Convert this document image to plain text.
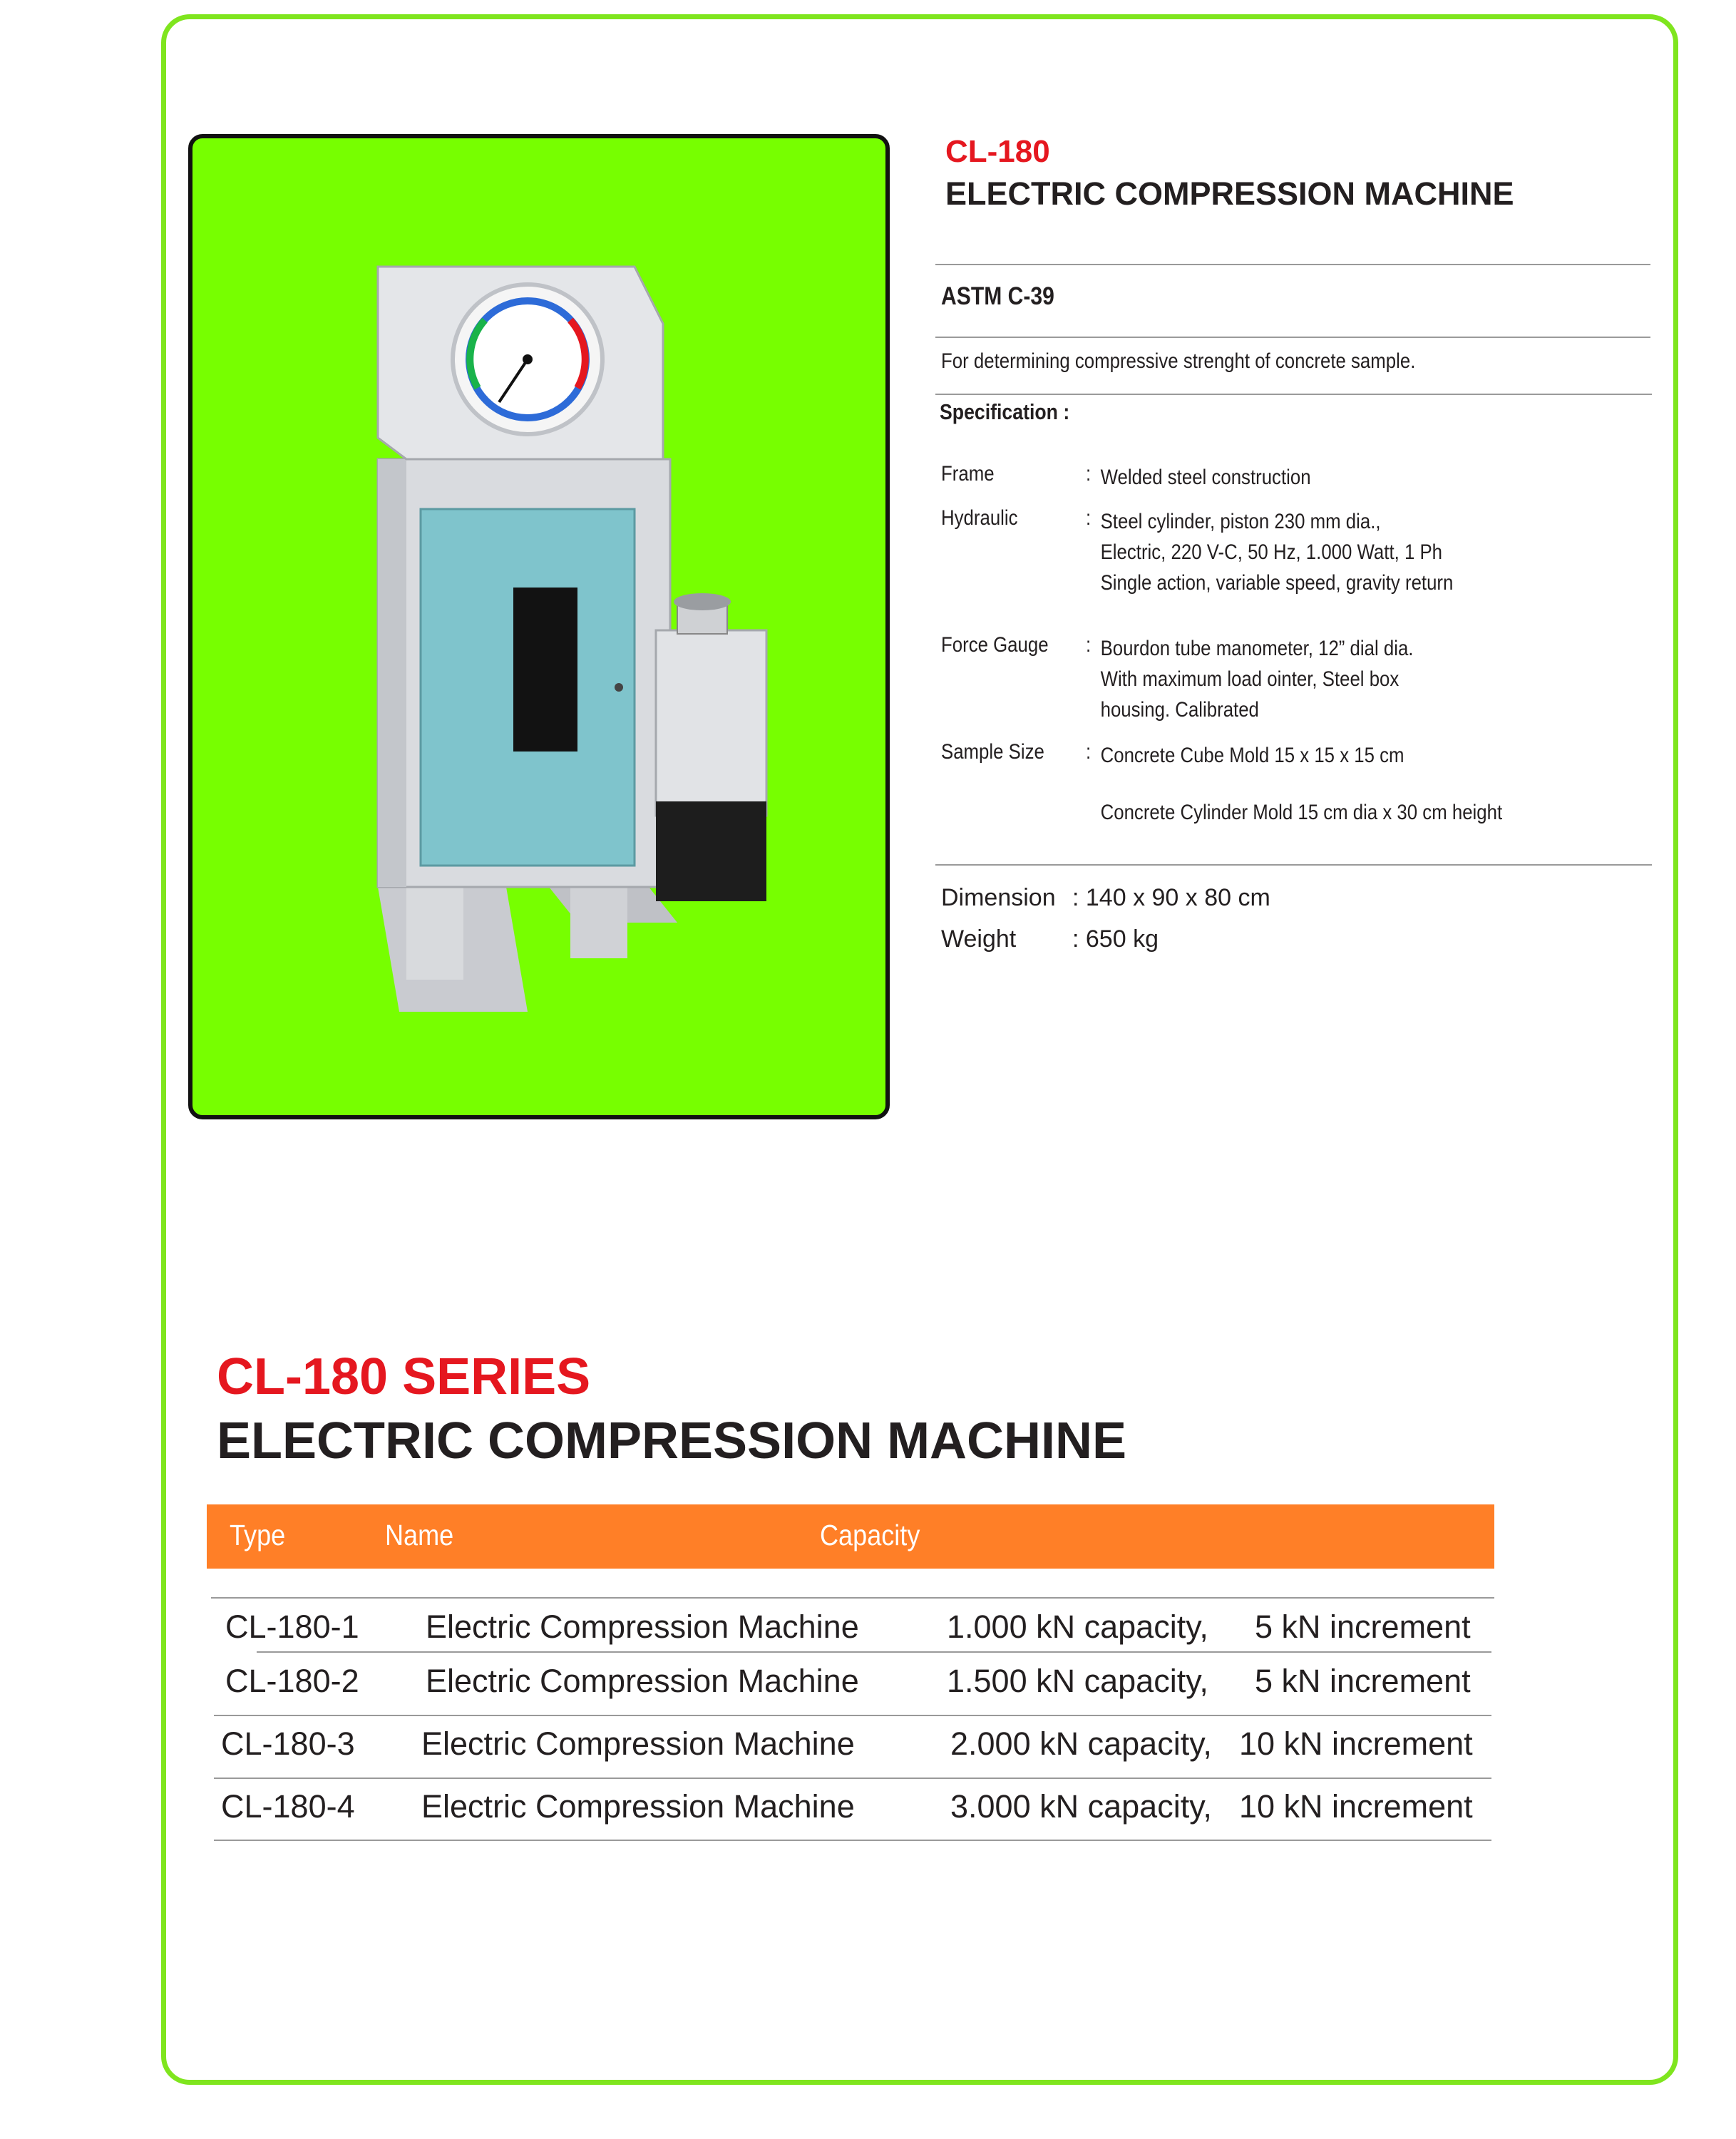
CL-180
ELECTRIC COMPRESSION MACHINE
ASTM C-39
For determining compressive strenght of concrete sample.
Specification :
Frame	: Welded steel construction
Hydraulic	: Steel cylinder, piston 230 mm dia.,
Electric, 220 V-C, 50 Hz, 1.000 Watt, 1 Ph
Single action, variable speed, gravity return
Force Gauge : Bourdon tube manometer, 12” dial dia.
With maximum load ointer, Steel box
housing. Calibrated
Sample Size : Concrete Cube Mold 15 x 15 x 15 cm
Concrete Cylinder Mold 15 cm dia x 30 cm height
Dimension : 140 x 90 x 80 cm
Weight : 650 kg
CL-180 SERIES
ELECTRIC COMPRESSION MACHINE
Type	Name	Capacity
CL-180-1 Electric Compression Machine	1.000 kN capacity, 5 kN increment
CL-180-2 Electric Compression Machine	1.500 kN capacity, 5 kN increment
CL-180-3 Electric Compression Machine	2.000 kN capacity, 10 kN increment
CL-180-4 Electric Compression Machine	3.000 kN capacity, 10 kN increment
